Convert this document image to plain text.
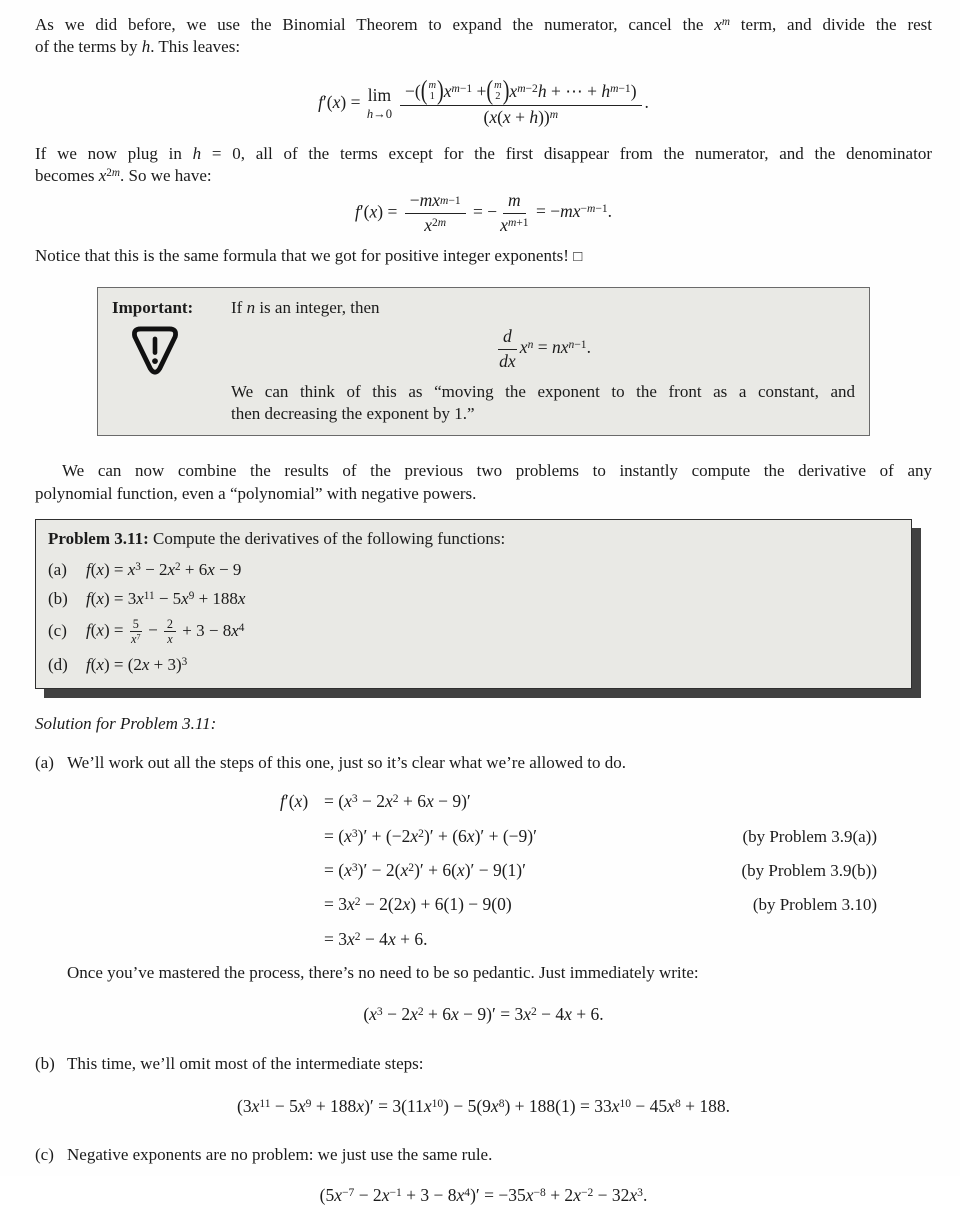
As we did before, we use the Binomial Theorem to expand the numerator, cancel the $x^m$ term, and divide the rest
of the terms by h. This leaves:
f′(x) = lim
h→0 −( ( m
1 ) $x^{m-1}$ + ( m
2 ) $x^{m-2}h$ + ⋯ + $h^{m-1}$)
$(x(x + h))^m$ .
If we now plug in h = 0, all of the terms except for the first disappear from the numerator, and the denominator
becomes $x^{2m}$. So we have:
$f'(x) = \frac{\text{− m x m −1}}{x^{2m}}$ = − $\frac{m}{x^{m+1}} = -mx^{-m-1}$.
Notice that this is the same formula that we got for positive integer exponents! □
Important:	If n is an integer, then
$\frac{d}{dx} x^n = nx^{n-1}$.
We can think of this as “moving the exponent to the front as a constant, and
then decreasing the exponent by 1.”
We can now combine the results of the previous two problems to instantly compute the derivative of any
polynomial function, even a “polynomial” with negative powers.
Problem 3.11: Compute the derivatives of the following functions:
(a) $f(x) = x^3 - 2x^2 + 6x - 9$
(b) $f(x) = 3x^{11} - 5x^9 + 188x$
(c) $f(x) = \frac{5}{x^7} - \frac{2}{x} + 3 - 8x^4$
(d) $f(x) = (2x + 3)^3$
Solution for Problem 3.11:
(a) We’ll work out all the steps of this one, just so it’s clear what we’re allowed to do.
$f'(x) = (x^3 - 2x^2 + 6x - 9)'$
= $(x^3)' + (-2x^2)' + (6x)' + (-9)'$	(by Problem 3.9(a))
= $(x^3)' - 2(x^2)' + 6(x)' - 9(1)'$	(by Problem 3.9(b))
= $3x^2 - 2(2x) + 6(1) - 9(0)$	(by Problem 3.10)
= $3x^2 - 4x + 6$.
Once you’ve mastered the process, there’s no need to be so pedantic. Just immediately write:
$(x^3 - 2x^2 + 6x - 9)' = 3x^2 - 4x + 6$.
(b) This time, we’ll omit most of the intermediate steps:
$(3x^{11} - 5x^9 + 188x)' = 3(11x^{10}) - 5(9x^8) + 188(1) = 33x^{10} - 45x^8 + 188$.
(c) Negative exponents are no problem: we just use the same rule.
$(5x^{-7} - 2x^{-1} + 3 - 8x^4)' = -35x^{-8} + 2x^{-2} - 32x^3$.
